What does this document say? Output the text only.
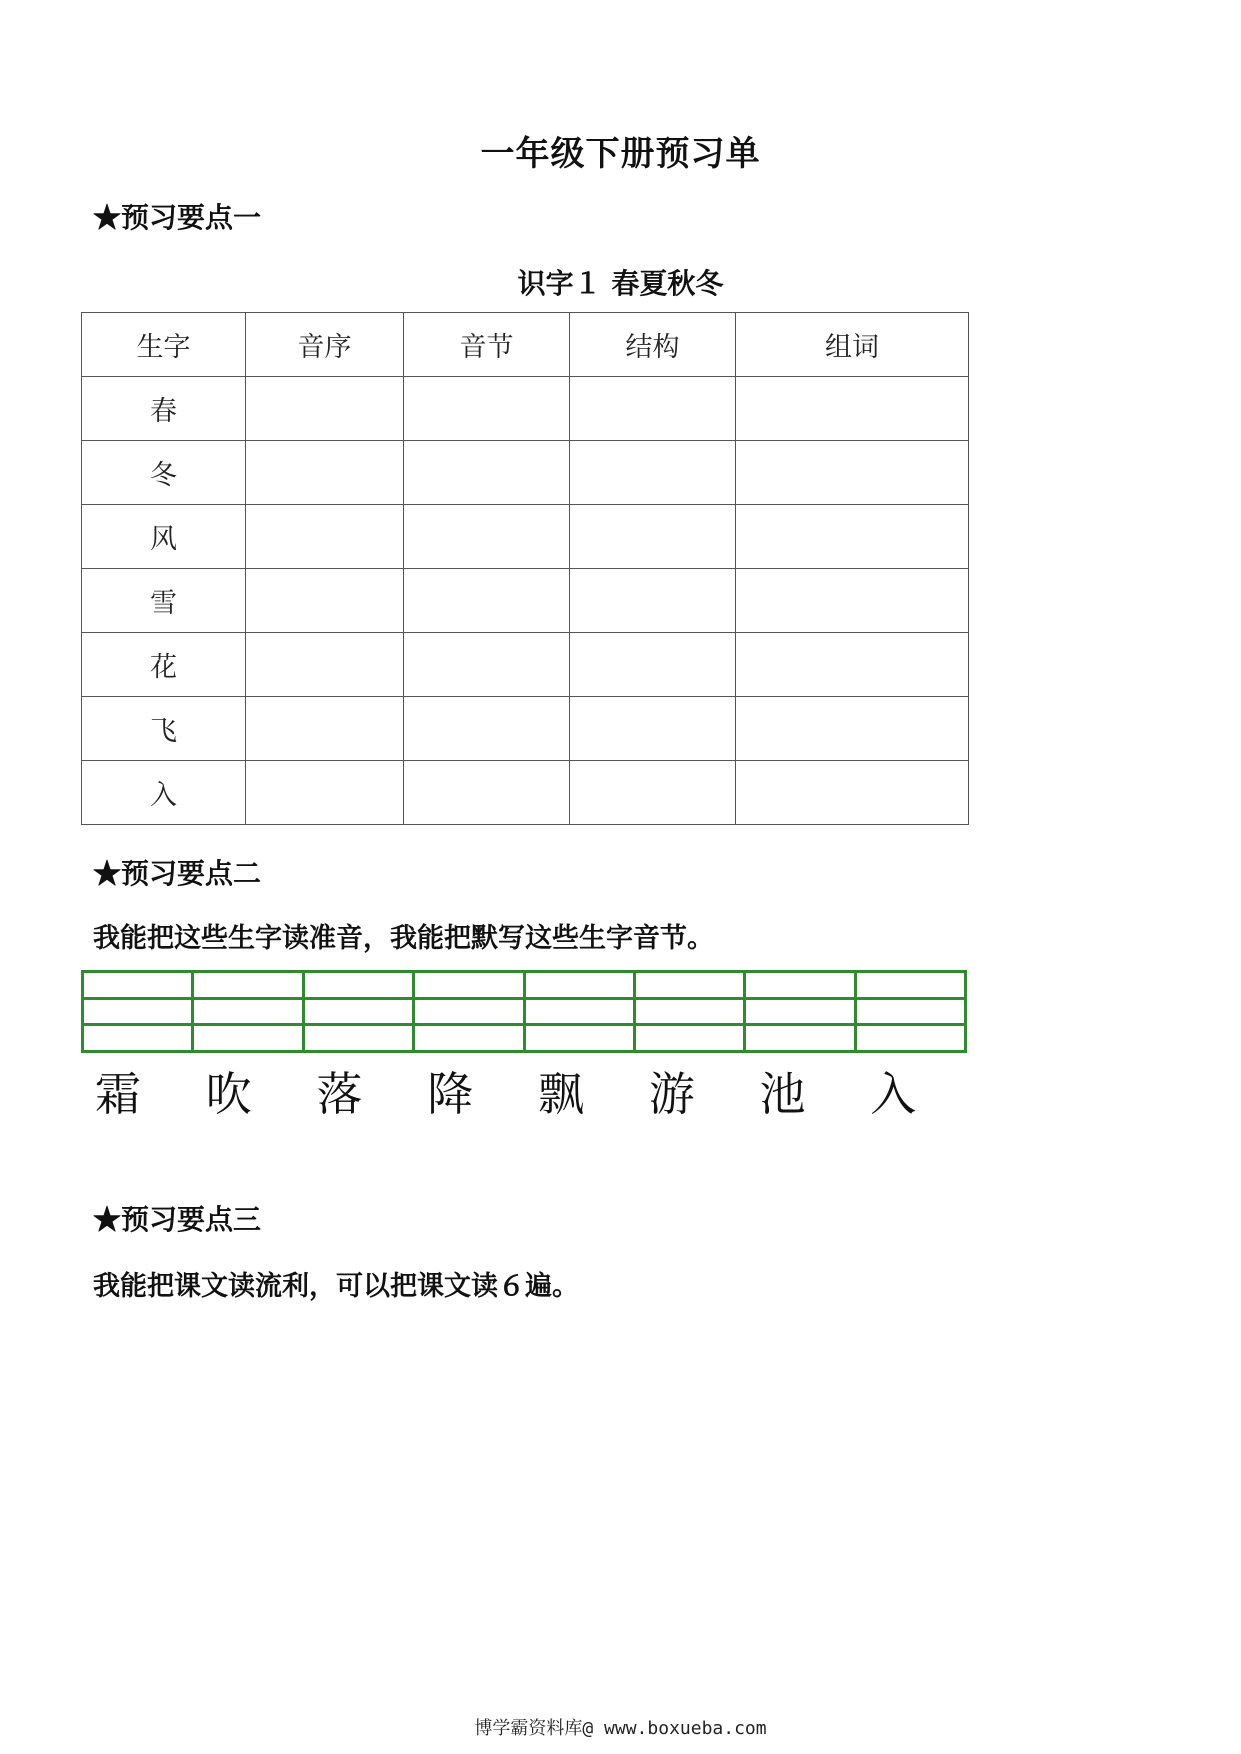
一年级下册预习单
★预习要点一
识字１ 春夏秋冬
生字	音序	音节	结构	组词
春				
冬				
风				
雪				
花				
飞				
入				
★预习要点二
我能把这些生字读准音，我能把默写这些生字音节。
霜	吹	落	降	飘	游	池	入
★预习要点三
我能把课文读流利，可以把课文读６遍。
博学霸资料库@ www.boxueba.com
